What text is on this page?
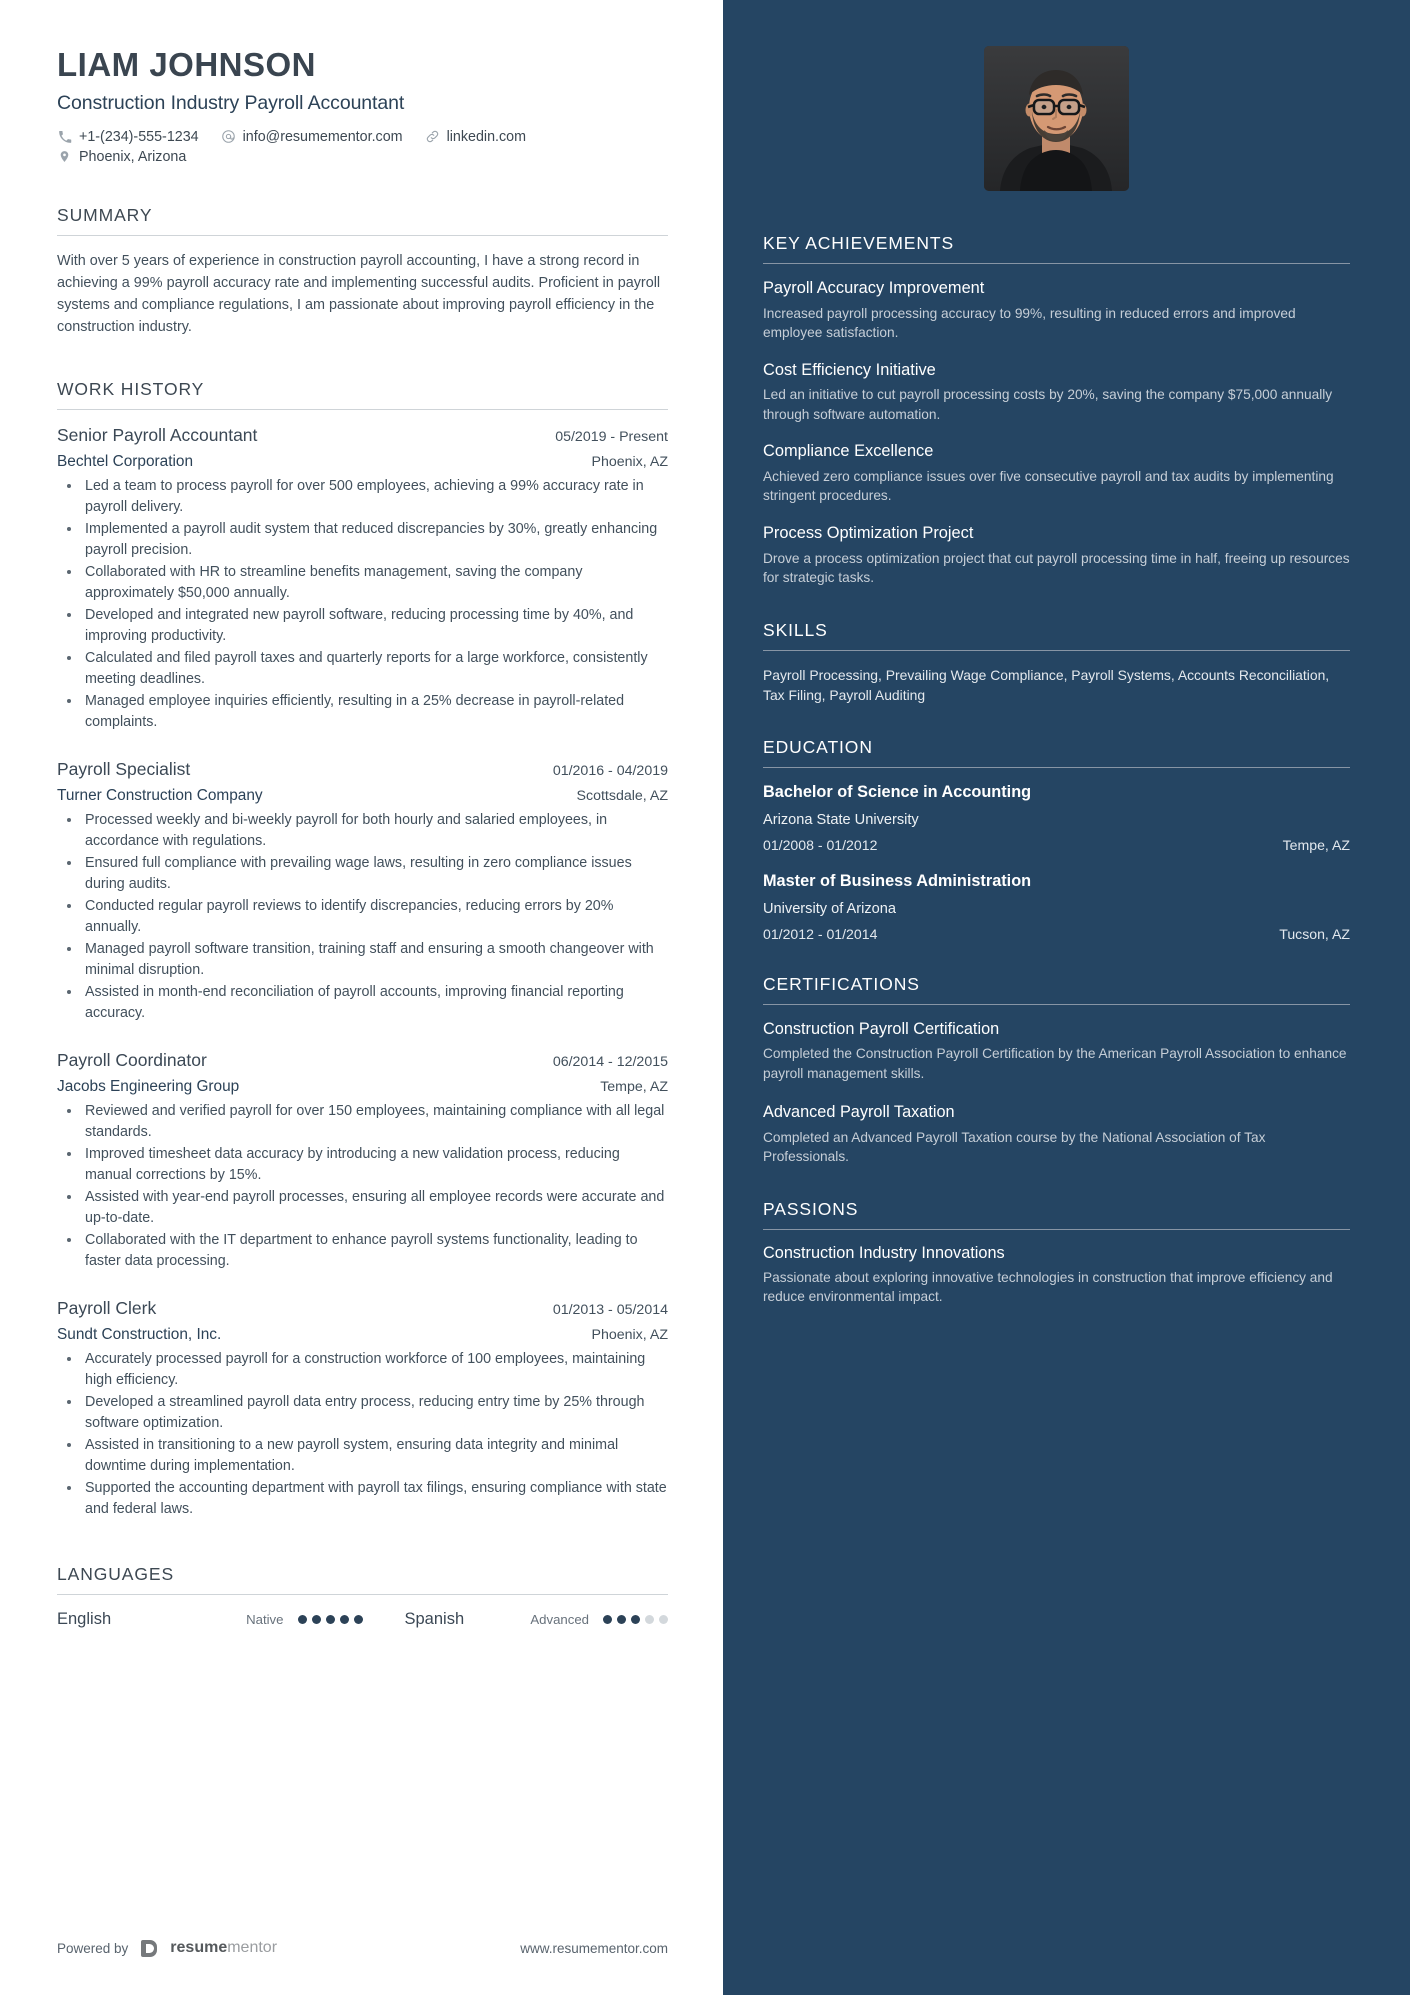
LIAM JOHNSON
Construction Industry Payroll Accountant
+1-(234)-555-1234	info@resumementor.com	linkedin.com
Phoenix, Arizona
SUMMARY
With over 5 years of experience in construction payroll accounting, I have a strong record in achieving a 99% payroll accuracy rate and implementing successful audits. Proficient in payroll systems and compliance regulations, I am passionate about improving payroll efficiency in the construction industry.
WORK HISTORY
Senior Payroll Accountant	05/2019 - Present
Bechtel Corporation	Phoenix, AZ
Led a team to process payroll for over 500 employees, achieving a 99% accuracy rate in payroll delivery.
Implemented a payroll audit system that reduced discrepancies by 30%, greatly enhancing payroll precision.
Collaborated with HR to streamline benefits management, saving the company approximately $50,000 annually.
Developed and integrated new payroll software, reducing processing time by 40%, and improving productivity.
Calculated and filed payroll taxes and quarterly reports for a large workforce, consistently meeting deadlines.
Managed employee inquiries efficiently, resulting in a 25% decrease in payroll-related complaints.
Payroll Specialist	01/2016 - 04/2019
Turner Construction Company	Scottsdale, AZ
Processed weekly and bi-weekly payroll for both hourly and salaried employees, in accordance with regulations.
Ensured full compliance with prevailing wage laws, resulting in zero compliance issues during audits.
Conducted regular payroll reviews to identify discrepancies, reducing errors by 20% annually.
Managed payroll software transition, training staff and ensuring a smooth changeover with minimal disruption.
Assisted in month-end reconciliation of payroll accounts, improving financial reporting accuracy.
Payroll Coordinator	06/2014 - 12/2015
Jacobs Engineering Group	Tempe, AZ
Reviewed and verified payroll for over 150 employees, maintaining compliance with all legal standards.
Improved timesheet data accuracy by introducing a new validation process, reducing manual corrections by 15%.
Assisted with year-end payroll processes, ensuring all employee records were accurate and up-to-date.
Collaborated with the IT department to enhance payroll systems functionality, leading to faster data processing.
Payroll Clerk	01/2013 - 05/2014
Sundt Construction, Inc.	Phoenix, AZ
Accurately processed payroll for a construction workforce of 100 employees, maintaining high efficiency.
Developed a streamlined payroll data entry process, reducing entry time by 25% through software optimization.
Assisted in transitioning to a new payroll system, ensuring data integrity and minimal downtime during implementation.
Supported the accounting department with payroll tax filings, ensuring compliance with state and federal laws.
LANGUAGES
English	Native	Spanish	Advanced
Powered by	resumementor	www.resumementor.com
KEY ACHIEVEMENTS
Payroll Accuracy Improvement
Increased payroll processing accuracy to 99%, resulting in reduced errors and improved employee satisfaction.
Cost Efficiency Initiative
Led an initiative to cut payroll processing costs by 20%, saving the company $75,000 annually through software automation.
Compliance Excellence
Achieved zero compliance issues over five consecutive payroll and tax audits by implementing stringent procedures.
Process Optimization Project
Drove a process optimization project that cut payroll processing time in half, freeing up resources for strategic tasks.
SKILLS
Payroll Processing, Prevailing Wage Compliance, Payroll Systems, Accounts Reconciliation, Tax Filing, Payroll Auditing
EDUCATION
Bachelor of Science in Accounting
Arizona State University
01/2008 - 01/2012	Tempe, AZ
Master of Business Administration
University of Arizona
01/2012 - 01/2014	Tucson, AZ
CERTIFICATIONS
Construction Payroll Certification
Completed the Construction Payroll Certification by the American Payroll Association to enhance payroll management skills.
Advanced Payroll Taxation
Completed an Advanced Payroll Taxation course by the National Association of Tax Professionals.
PASSIONS
Construction Industry Innovations
Passionate about exploring innovative technologies in construction that improve efficiency and reduce environmental impact.
